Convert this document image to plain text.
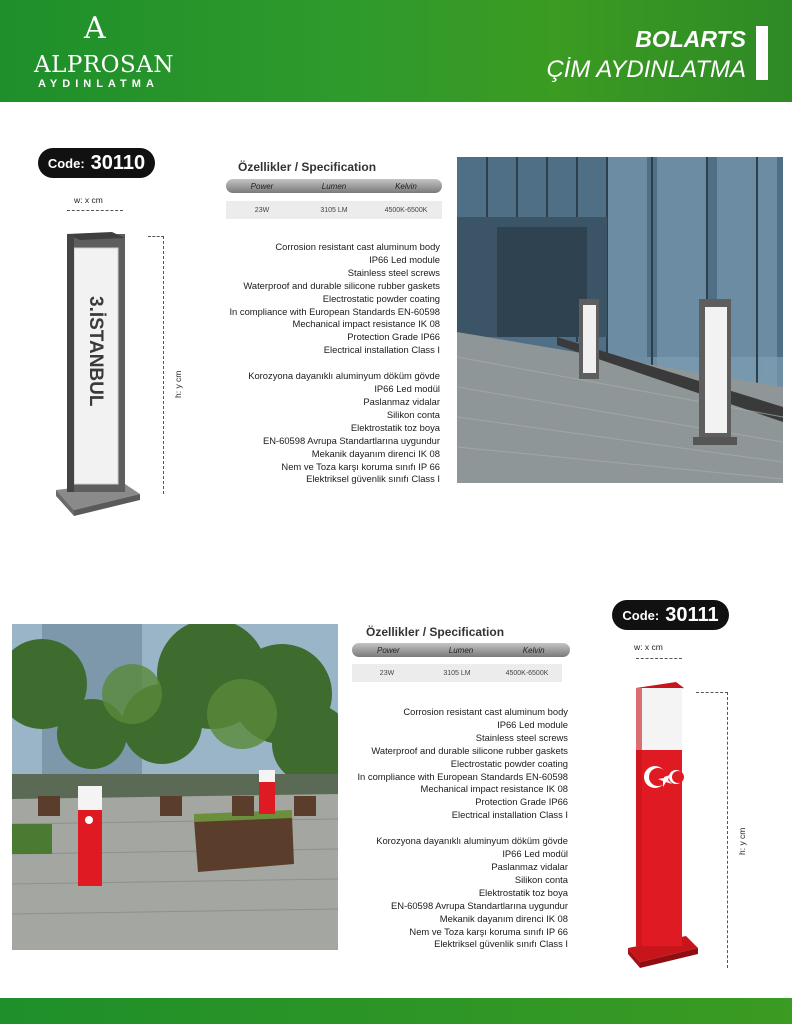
A
ALPROSAN
AYDINLATMA
BOLARTS
ÇİM AYDINLATMA
Code: 30110
w: x cm
h: y cm
3.İSTANBUL
Özellikler / Specification
Power	Lumen	Kelvin
23W	3105 LM	4500K-6500K
Corrosion resistant cast aluminum body
IP66 Led module
Stainless steel screws
Waterproof and durable silicone rubber gaskets
Electrostatic powder coating
In compliance with European Standards EN-60598
Mechanical impact resistance IK 08
Protection Grade IP66
Electrical installation Class I
Korozyona dayanıklı aluminyum döküm gövde
IP66 Led modül
Paslanmaz vidalar
Silikon conta
Elektrostatik toz boya
EN-60598 Avrupa Standartlarına uygundur
Mekanik dayanım direnci IK 08
Nem ve Toza karşı koruma sınıfı IP 66
Elektriksel güvenlik sınıfı Class I
Özellikler / Specification
Power	Lumen	Kelvin
23W	3105 LM	4500K-6500K
Corrosion resistant cast aluminum body
IP66 Led module
Stainless steel screws
Waterproof and durable silicone rubber gaskets
Electrostatic powder coating
In compliance with European Standards EN-60598
Mechanical impact resistance IK 08
Protection Grade IP66
Electrical installation Class I
Korozyona dayanıklı aluminyum döküm gövde
IP66 Led modül
Paslanmaz vidalar
Silikon conta
Elektrostatik toz boya
EN-60598 Avrupa Standartlarına uygundur
Mekanik dayanım direnci IK 08
Nem ve Toza karşı koruma sınıfı IP 66
Elektriksel güvenlik sınıfı Class I
Code: 30111
w: x cm
h: y cm
